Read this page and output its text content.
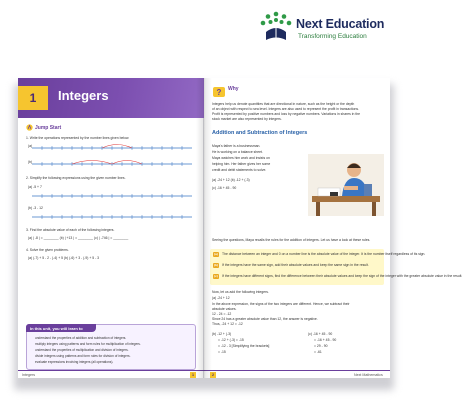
Next Education
Transforming Education
1 Integers
Jump Start
1. Write the operations represented by the number lines given below.
(a)
(b)
2. Simplify the following expressions using the given number lines.
(a) -5 + 7
(b) -3 - 12
3. Find the absolute value of each of the following integers.
(a) | -8 | = ________ (b) | +13 | = ________ (c) | -746 | = ________
4. Solve the given problems.
(a) (-7) + 5 - 2 - (-4) + 5 (b) (-6) + 3 - (-9) + 5 - 3
In this unit, you will learn to
understand the properties of addition and subtraction of integers.
multiply integers using patterns and form rules for multiplication of integers.
understand the properties of multiplication and division of integers.
divide integers using patterns and form rules for division of integers.
evaluate expressions involving integers (all operations).
Integers	1
? Why
Integers help us denote quantities that are directional in nature, such as the height or the depth
of an object with respect to sea level. Integers are also used to represent the profit in transactions.
Profit is represented by positive numbers and loss by negative numbers. Variations in shares in the
stock market are also represented by integers.
Addition and Subtraction of Integers
Maya's father is a businessman.
He is working on a balance sheet.
Maya watches him work and insists on
helping him. Her father gives her some
credit and debit statements to solve.
(a) -24 + 12 (b) -12 + (-3)
(c) -16 + 45 - 90
Seeing the questions, Maya recalls the rules for the addition of integers. Let us have a look at these rules.
(a)	The distance between an integer and 0 on a number line is the absolute value of the integer. It is the number itself regardless of its sign.
(b)	If the integers have the same sign, add their absolute values and keep the same sign in the result.
(c)	If the integers have different signs, find the difference between their absolute values and keep the sign of the integer with the greater absolute value in the result.
Now, let us add the following integers.
(a) -24 + 12
In the above expression, the signs of the two integers are different. Hence, we subtract their
absolute values.
12 - 24 = -12
Since 24 has a greater absolute value than 12, the answer is negative.
Thus, -24 + 12 = -12
(b) -12 + (-3)
= -12 + (-3) = -15
= -12 - 3 [Simplifying the brackets]
= -15
(c) -16 + 45 - 90
= -16 + 45 - 90
= 29 - 90
= -61
2	Next Mathematics
